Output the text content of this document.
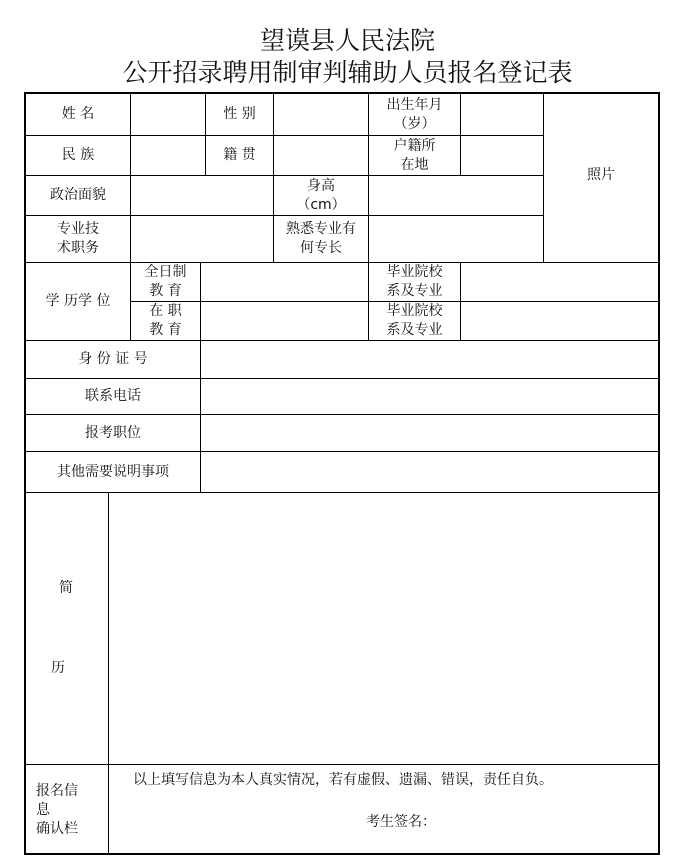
望谟县人民法院
公开招录聘用制审判辅助人员报名登记表
姓 名	性 别
出生年月
（岁）
照片
民 族	籍 贯
户籍所
在地
政治面貌
身高
（cm）
专业技
术职务
熟悉专业有
何专长
学 历学 位
全日制
教 育
毕业院校
系及专业
在 职
教 育
毕业院校
系及专业
身 份 证 号
联系电话
报考职位
其他需要说明事项
简
历
报名信
息
确认栏
以上填写信息为本人真实情况，若有虚假、遗漏、错误，责任自负。
考生签名：
